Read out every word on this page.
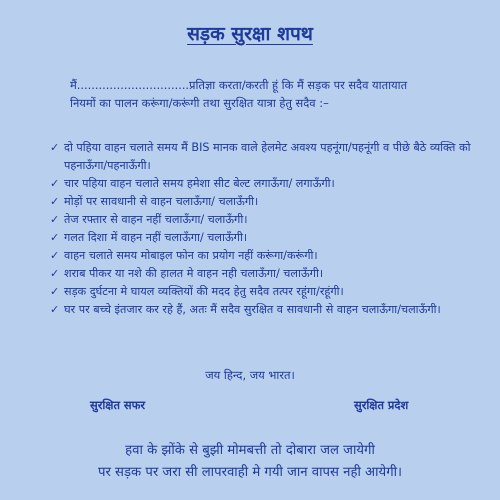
सड़क सुरक्षा शपथ
मैं...............................प्रतिज्ञा करता/करती हूं कि मैं सड़क पर सदैव यातायात
नियमों का पालन करूंगा/करूंगी तथा सुरक्षित यात्रा हेतु सदैव :–
✓ दो पहिया वाहन चलाते समय मैं BIS मानक वाले हेलमेट अवश्य पहनूंगा/पहनूंगी व पीछे बैठे व्यक्ति को पहनाऊँगा/पहनाऊँगी।
✓ चार पहिया वाहन चलाते समय हमेशा सीट बेल्ट लगाऊँगा/ लगाऊँगी।
✓ मोड़ों पर सावधानी से वाहन चलाऊँगा/ चलाऊँगी।
✓ तेज रफ्तार से वाहन नहीं चलाऊँगा/ चलाऊँगी।
✓ गलत दिशा में वाहन नहीं चलाऊँगा/ चलाऊँगी।
✓ वाहन चलाते समय मोबाइल फोन का प्रयोग नहीं करूंगा/करूंगी।
✓ शराब पीकर या नशे की हालत मे वाहन नही चलाऊँगा/ चलाऊँगी।
✓ सड़क दुर्घटना मे घायल व्यक्तियों की मदद हेतु सदैव तत्पर रहूंगा/रहूंगी।
✓ घर पर बच्चे इंतजार कर रहे हैं, अतः मैं सदैव सुरक्षित व सावधानी से वाहन चलाऊँगा/चलाऊँगी।
जय हिन्द, जय भारत।
सुरक्षित सफर	सुरक्षित प्रदेश
हवा के झोंके से बुझी मोमबत्ती तो दोबारा जल जायेगी
पर सड़क पर जरा सी लापरवाही मे गयी जान वापस नही आयेगी।
